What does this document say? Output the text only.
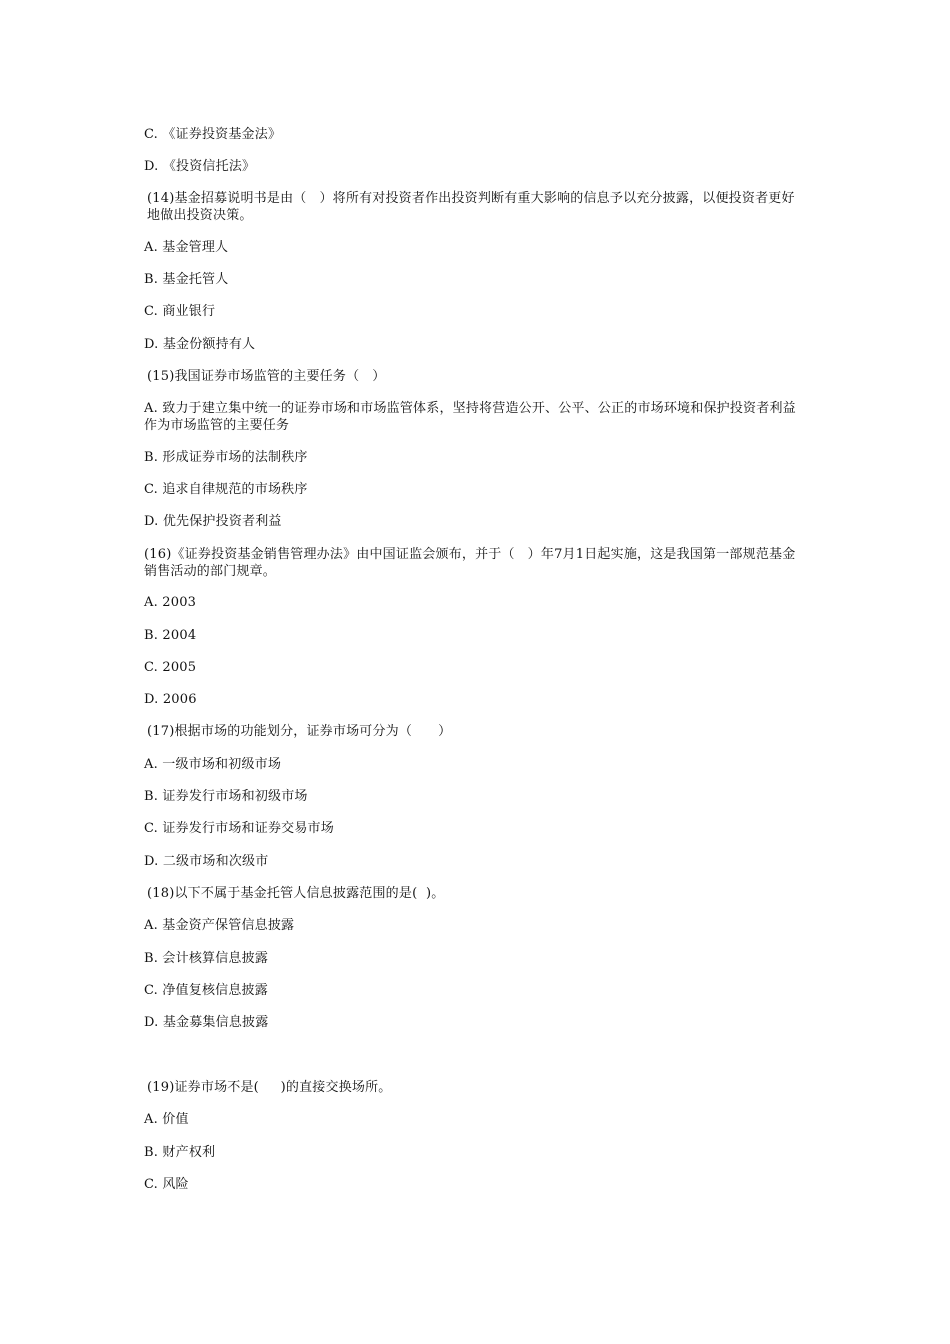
C. 《证券投资基金法》
D. 《投资信托法》
(14)基金招募说明书是由（   ）将所有对投资者作出投资判断有重大影响的信息予以充分披露，以便投资者更好地做出投资决策。
A. 基金管理人
B. 基金托管人
C. 商业银行
D. 基金份额持有人
(15)我国证券市场监管的主要任务（   ）
A. 致力于建立集中统一的证券市场和市场监管体系，坚持将营造公开、公平、公正的市场环境和保护投资者利益作为市场监管的主要任务
B. 形成证券市场的法制秩序
C. 追求自律规范的市场秩序
D. 优先保护投资者利益
(16)《证券投资基金销售管理办法》由中国证监会颁布，并于（   ）年7月1日起实施，这是我国第一部规范基金销售活动的部门规章。
A. 2003
B. 2004
C. 2005
D. 2006
(17)根据市场的功能划分，证券市场可分为（      ）
A. 一级市场和初级市场
B. 证券发行市场和初级市场
C. 证券发行市场和证券交易市场
D. 二级市场和次级市
(18)以下不属于基金托管人信息披露范围的是(  )。
A. 基金资产保管信息披露
B. 会计核算信息披露
C. 净值复核信息披露
D. 基金募集信息披露
(19)证券市场不是(     )的直接交换场所。
A. 价值
B. 财产权利
C. 风险
